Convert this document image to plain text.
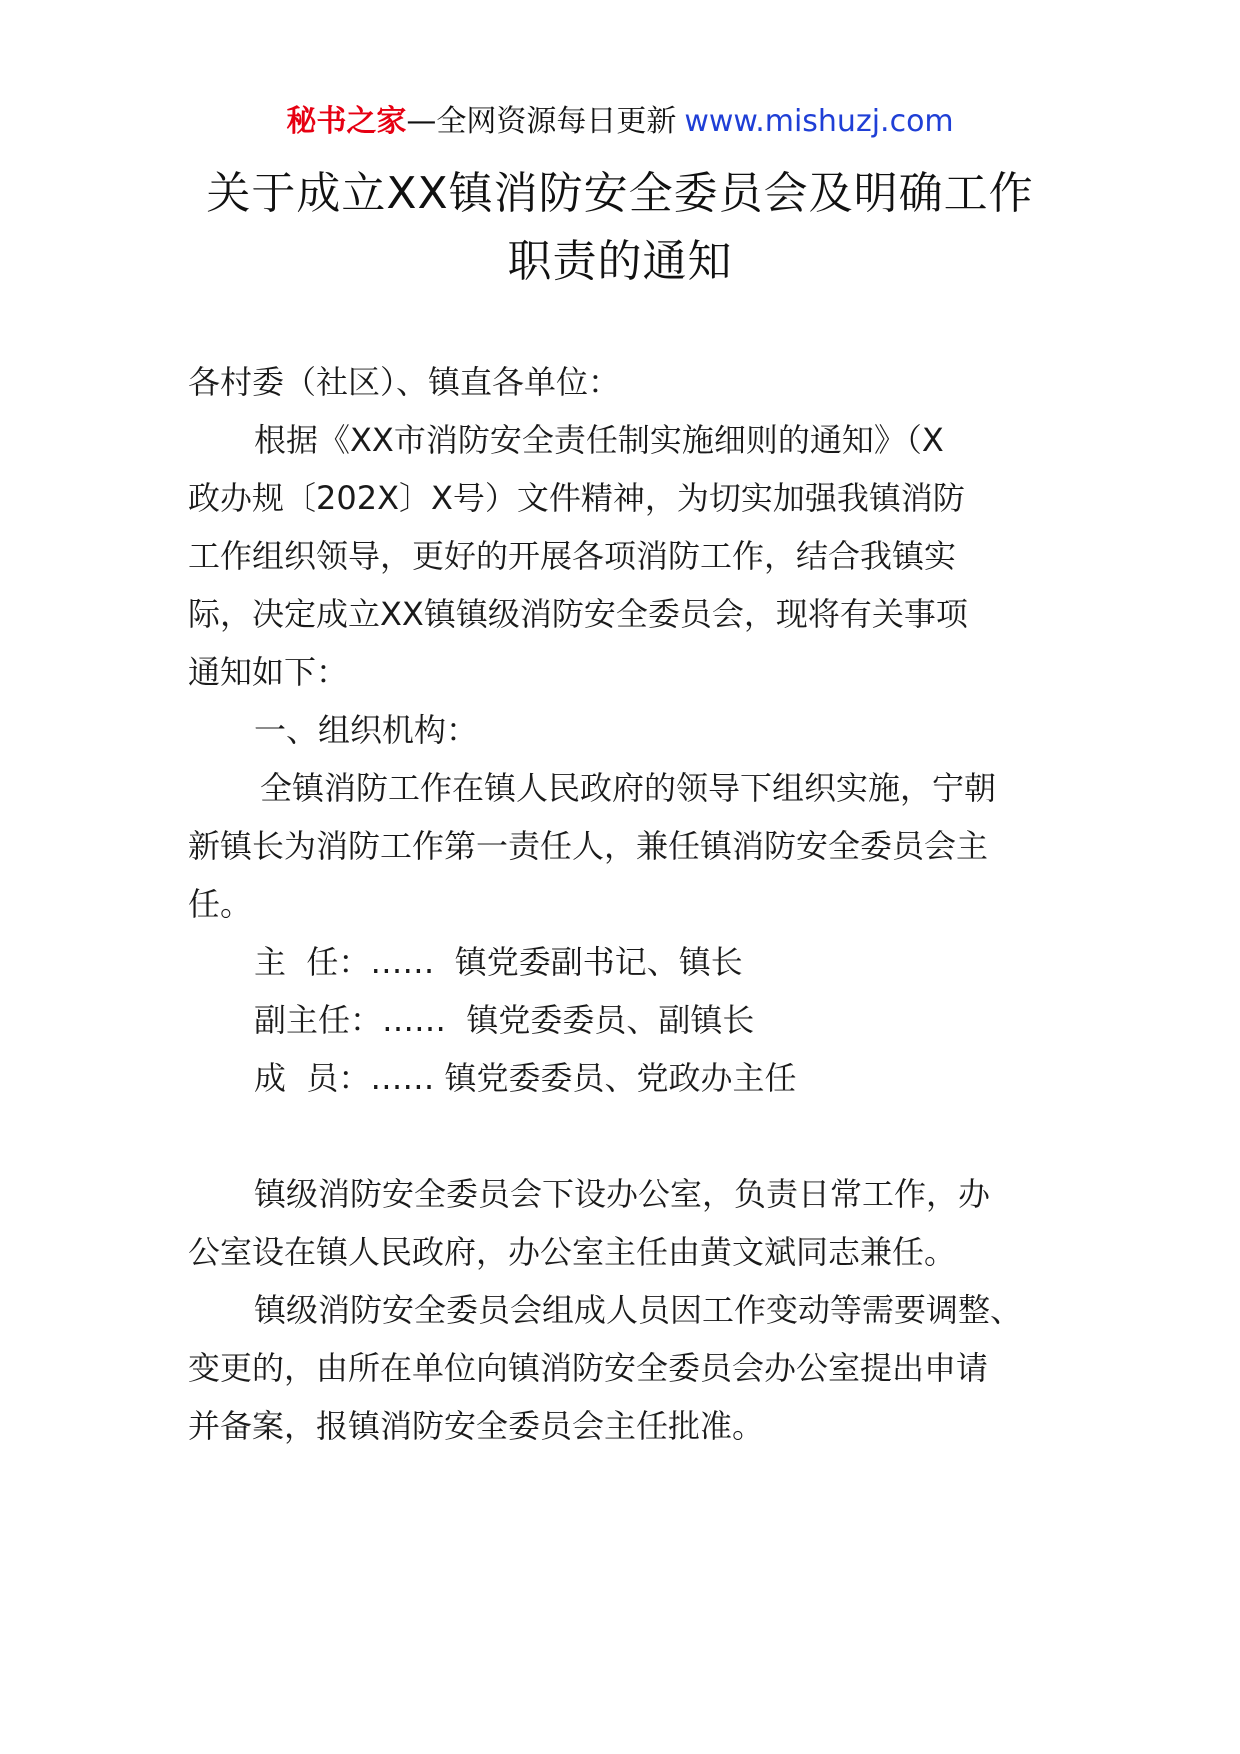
秘书之家—全网资源每日更新 www.mishuzj.com
关于成立XX镇消防安全委员会及明确工作
职责的通知

各村委（社区）、镇直各单位：

根据《XX市消防安全责任制实施细则的通知》（X

政办规〔202X〕X号）文件精神，为切实加强我镇消防

工作组织领导，更好的开展各项消防工作，结合我镇实

际，决定成立XX镇镇级消防安全委员会，现将有关事项

通知如下：

一、组织机构：

全镇消防工作在镇人民政府的领导下组织实施，宁朝

新镇长为消防工作第一责任人，兼任镇消防安全委员会主

任。

主  任：……  镇党委副书记、镇长

副主任：……  镇党委委员、副镇长

成  员：…… 镇党委委员、党政办主任

镇级消防安全委员会下设办公室，负责日常工作，办

公室设在镇人民政府，办公室主任由黄文斌同志兼任。

镇级消防安全委员会组成人员因工作变动等需要调整、

变更的，由所在单位向镇消防安全委员会办公室提出申请

并备案，报镇消防安全委员会主任批准。
